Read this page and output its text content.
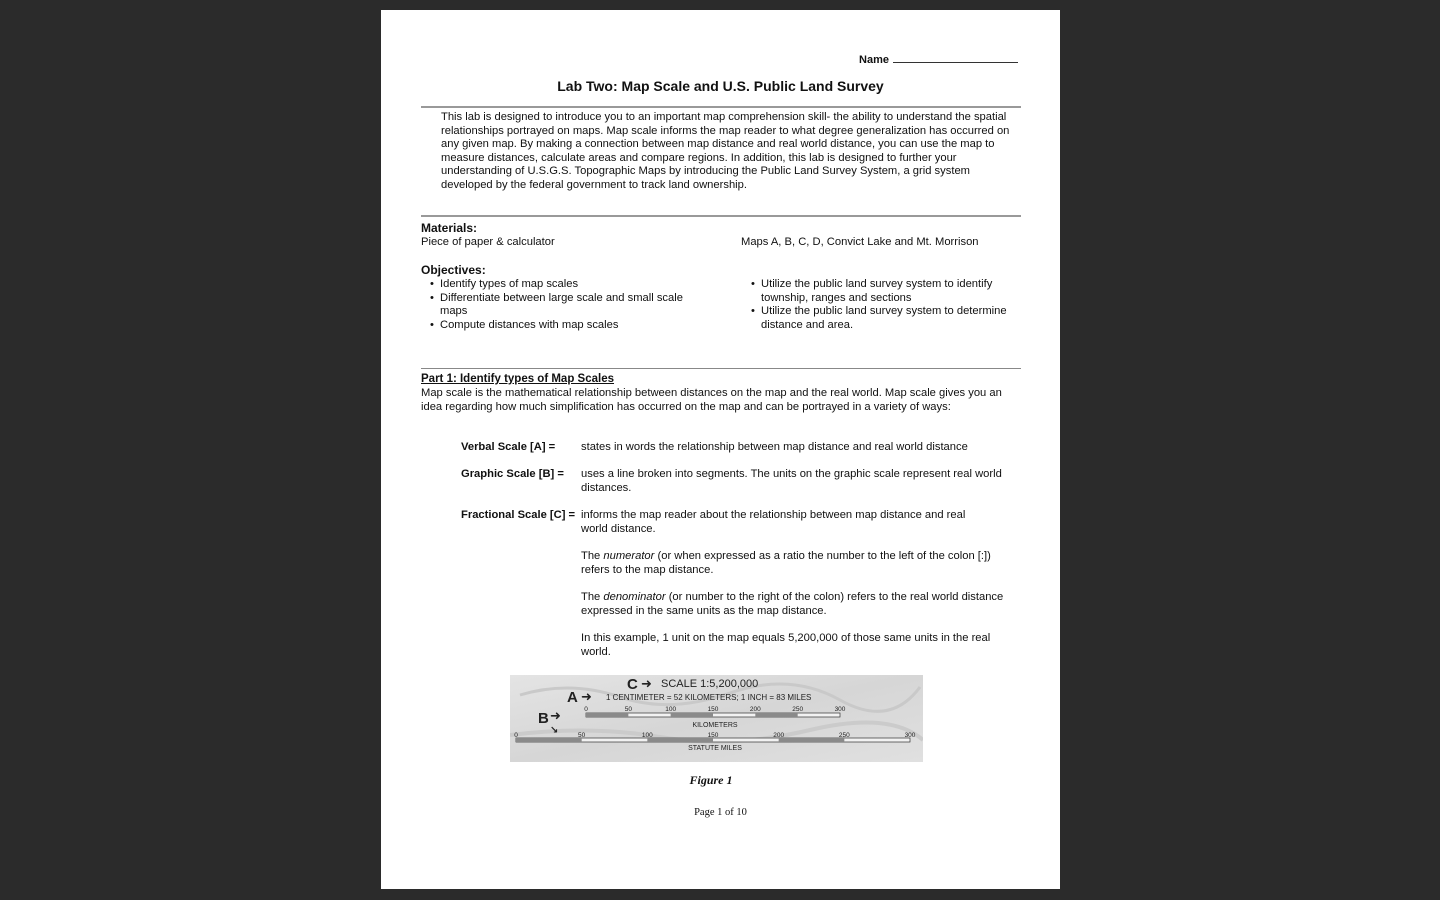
Name
Lab Two: Map Scale and U.S. Public Land Survey
This lab is designed to introduce you to an important map comprehension skill- the ability to understand the spatial relationships portrayed on maps. Map scale informs the map reader to what degree generalization has occurred on any given map. By making a connection between map distance and real world distance, you can use the map to measure distances, calculate areas and compare regions. In addition, this lab is designed to further your understanding of U.S.G.S. Topographic Maps by introducing the Public Land Survey System, a grid system developed by the federal government to track land ownership.
Materials:
Piece of paper & calculator	Maps A, B, C, D, Convict Lake and Mt. Morrison
Objectives:
• Identify types of map scales
• Differentiate between large scale and small scale maps
• Compute distances with map scales
• Utilize the public land survey system to identify township, ranges and sections
• Utilize the public land survey system to determine distance and area.
Part 1: Identify types of Map Scales
Map scale is the mathematical relationship between distances on the map and the real world. Map scale gives you an idea regarding how much simplification has occurred on the map and can be portrayed in a variety of ways:
Verbal Scale [A] = states in words the relationship between map distance and real world distance
Graphic Scale [B] = uses a line broken into segments. The units on the graphic scale represent real world distances.
Fractional Scale [C] = informs the map reader about the relationship between map distance and real world distance.
The numerator (or when expressed as a ratio the number to the left of the colon [:]) refers to the map distance.
The denominator (or number to the right of the colon) refers to the real world distance expressed in the same units as the map distance.
In this example, 1 unit on the map equals 5,200,000 of those same units in the real world.
C ➜ SCALE 1:5,200,000
A ➜ 1 CENTIMETER = 52 KILOMETERS; 1 INCH = 83 MILES
B ➜
↘
0	50	100	150	200	250	300
KILOMETERS
0	50	100	150	200	250	300
STATUTE MILES
Figure 1
Page 1 of 10
